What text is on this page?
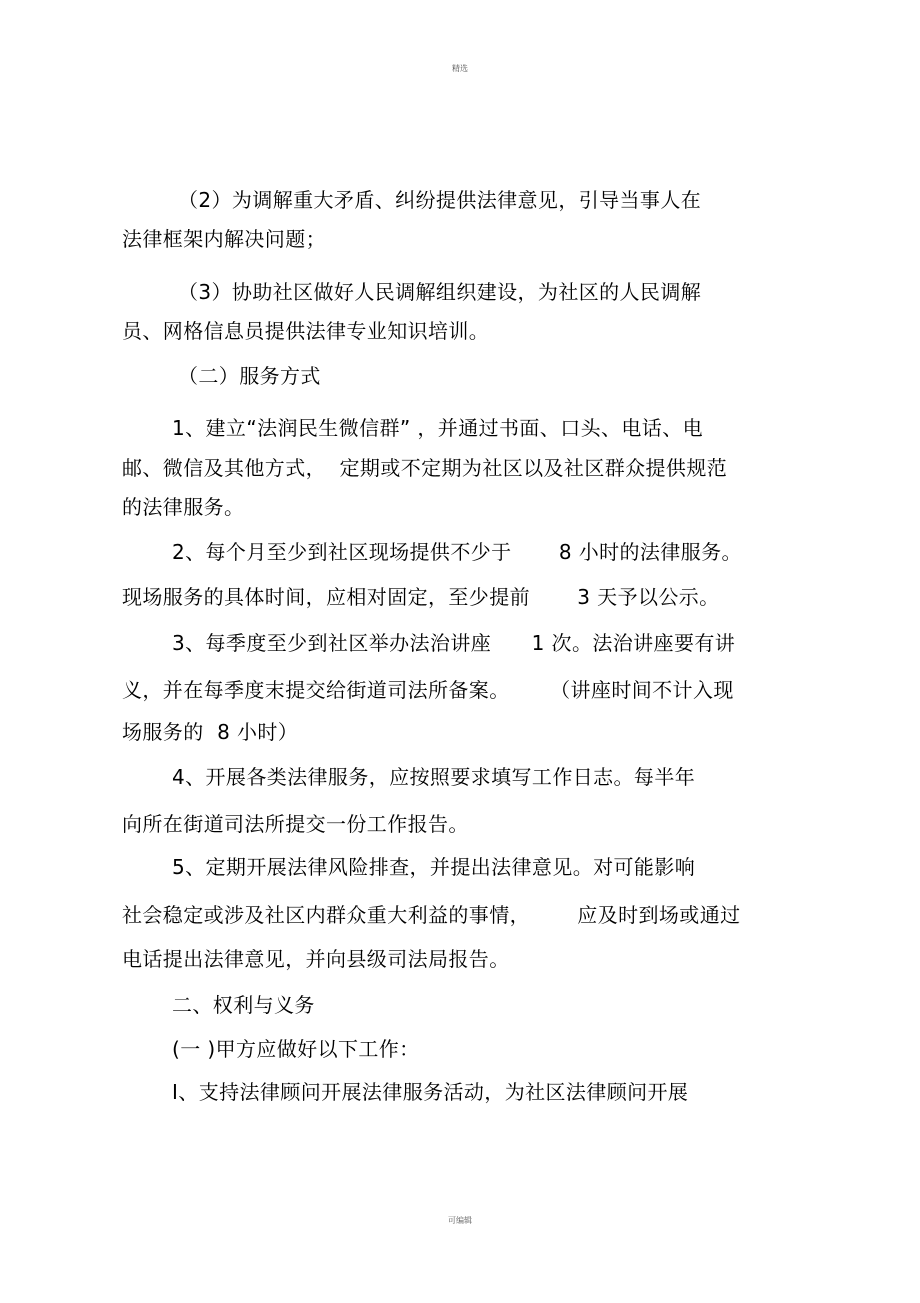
精选
（2）为调解重大矛盾、纠纷提供法律意见，引导当事人在
法律框架内解决问题；
（3）协助社区做好人民调解组织建设，为社区的人民调解
员、网格信息员提供法律专业知识培训。
（二）服务方式
1、建立“法润民生微信群” ，并通过书面、口头、电话、电
邮、微信及其他方式，  定期或不定期为社区以及社区群众提供规范
的法律服务。
2、每个月至少到社区现场提供不少于       8 小时的法律服务。
现场服务的具体时间，应相对固定，至少提前       3 天予以公示。
3、每季度至少到社区举办法治讲座      1 次。法治讲座要有讲
义，并在每季度末提交给街道司法所备案。      （讲座时间不计入现
场服务的  8 小时）
4、开展各类法律服务，应按照要求填写工作日志。每半年
向所在街道司法所提交一份工作报告。
5、定期开展法律风险排查，并提出法律意见。对可能影响
社会稳定或涉及社区内群众重大利益的事情，       应及时到场或通过
电话提出法律意见，并向县级司法局报告。
二、权利与义务
(一 )甲方应做好以下工作：
I、支持法律顾问开展法律服务活动，为社区法律顾问开展
可编辑
